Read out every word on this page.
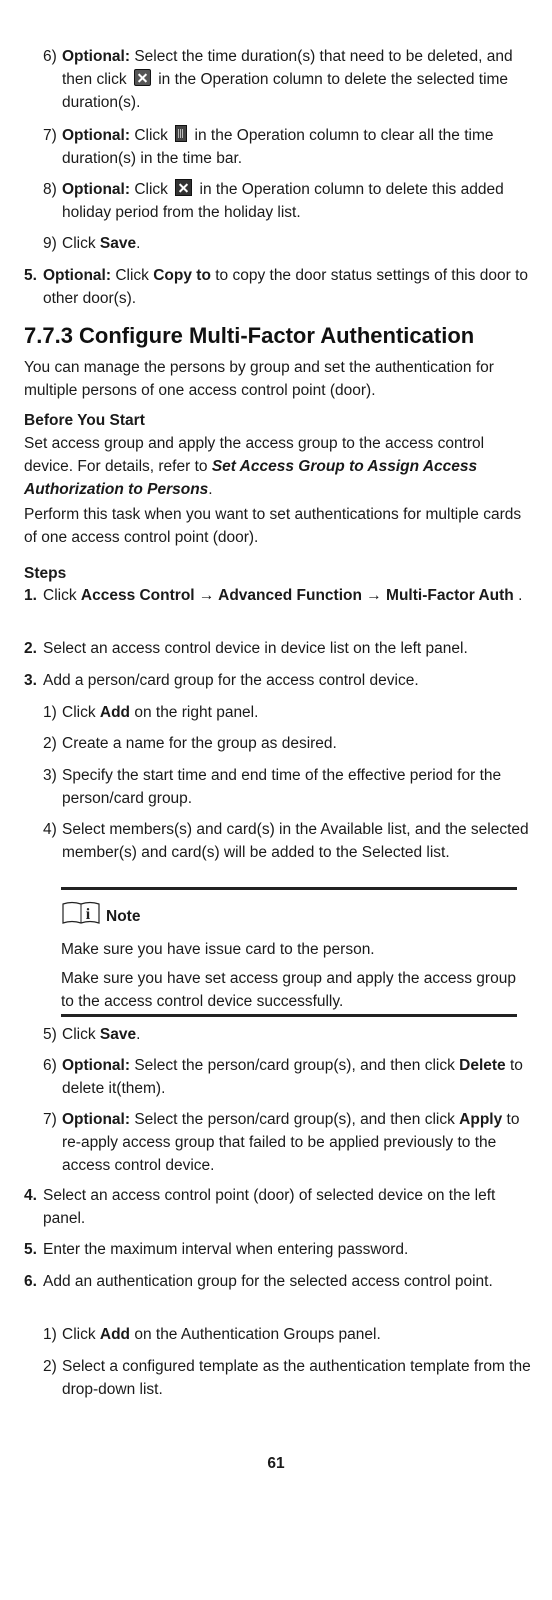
6) Optional: Select the time duration(s) that need to be deleted, and then click  in the Operation column to delete the selected time duration(s).
7) Optional: Click  in the Operation column to clear all the time duration(s) in the time bar.
8) Optional: Click  in the Operation column to delete this added holiday period from the holiday list.
9) Click Save.
5. Optional: Click Copy to to copy the door status settings of this door to other door(s).
7.7.3 Configure Multi-Factor Authentication
You can manage the persons by group and set the authentication for multiple persons of one access control point (door).
Before You Start
Set access group and apply the access group to the access control device. For details, refer to Set Access Group to Assign Access Authorization to Persons.
Perform this task when you want to set authentications for multiple cards of one access control point (door).
Steps
1. Click Access Control → Advanced Function → Multi-Factor Auth .
2. Select an access control device in device list on the left panel.
3. Add a person/card group for the access control device.
1) Click Add on the right panel.
2) Create a name for the group as desired.
3) Specify the start time and end time of the effective period for the person/card group.
4) Select members(s) and card(s) in the Available list, and the selected member(s) and card(s) will be added to the Selected list.
i Note
Make sure you have issue card to the person.
Make sure you have set access group and apply the access group to the access control device successfully.
5) Click Save.
6) Optional: Select the person/card group(s), and then click Delete to delete it(them).
7) Optional: Select the person/card group(s), and then click Apply to re-apply access group that failed to be applied previously to the access control device.
4. Select an access control point (door) of selected device on the left panel.
5. Enter the maximum interval when entering password.
6. Add an authentication group for the selected access control point.
1) Click Add on the Authentication Groups panel.
2) Select a configured template as the authentication template from the drop-down list.
61
